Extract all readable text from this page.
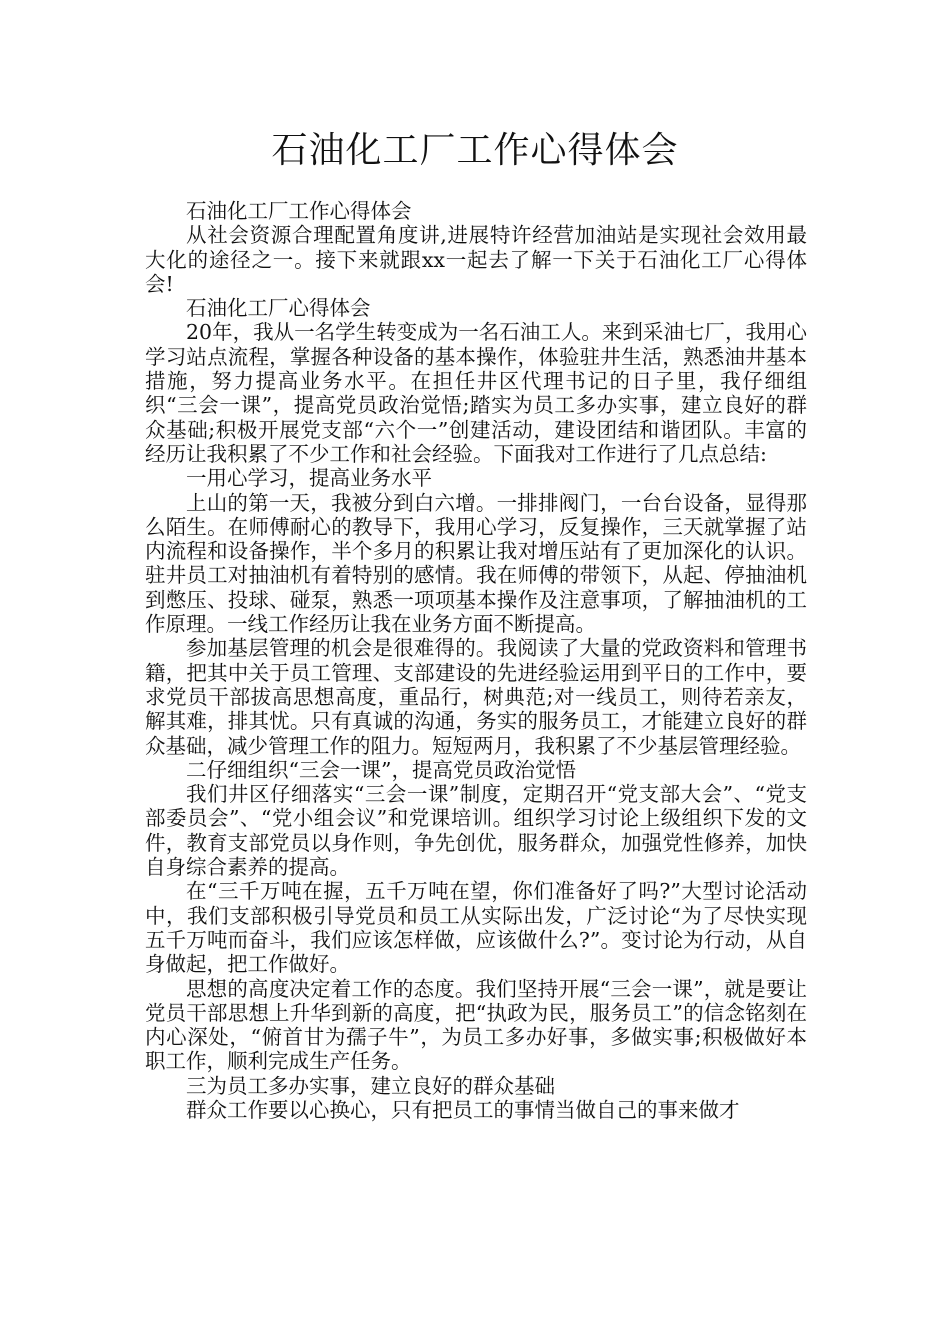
石油化工厂工作心得体会

石油化工厂工作心得体会

从社会资源合理配置角度讲,进展特许经营加油站是实现社会效用最大化的途径之一。接下来就跟xx一起去了解一下关于石油化工厂心得体会!

石油化工厂心得体会

20年，我从一名学生转变成为一名石油工人。来到采油七厂，我用心学习站点流程，掌握各种设备的基本操作，体验驻井生活，熟悉油井基本措施，努力提高业务水平。在担任井区代理书记的日子里，我仔细组织“三会一课”，提高党员政治觉悟;踏实为员工多办实事，建立良好的群众基础;积极开展党支部“六个一”创建活动，建设团结和谐团队。丰富的经历让我积累了不少工作和社会经验。下面我对工作进行了几点总结:

一用心学习，提高业务水平

上山的第一天，我被分到白六增。一排排阀门，一台台设备，显得那么陌生。在师傅耐心的教导下，我用心学习，反复操作，三天就掌握了站内流程和设备操作，半个多月的积累让我对增压站有了更加深化的认识。驻井员工对抽油机有着特别的感情。我在师傅的带领下，从起、停抽油机到憋压、投球、碰泵，熟悉一项项基本操作及注意事项，了解抽油机的工作原理。一线工作经历让我在业务方面不断提高。

参加基层管理的机会是很难得的。我阅读了大量的党政资料和管理书籍，把其中关于员工管理、支部建设的先进经验运用到平日的工作中，要求党员干部拔高思想高度，重品行，树典范;对一线员工，则待若亲友，解其难，排其忧。只有真诚的沟通，务实的服务员工，才能建立良好的群众基础，减少管理工作的阻力。短短两月，我积累了不少基层管理经验。

二仔细组织“三会一课”，提高党员政治觉悟

我们井区仔细落实“三会一课”制度，定期召开“党支部大会”、“党支部委员会”、“党小组会议”和党课培训。组织学习讨论上级组织下发的文件，教育支部党员以身作则，争先创优，服务群众，加强党性修养，加快自身综合素养的提高。

在“三千万吨在握，五千万吨在望，你们准备好了吗?”大型讨论活动中，我们支部积极引导党员和员工从实际出发，广泛讨论“为了尽快实现五千万吨而奋斗，我们应该怎样做，应该做什么?”。变讨论为行动，从自身做起，把工作做好。

思想的高度决定着工作的态度。我们坚持开展“三会一课”，就是要让党员干部思想上升华到新的高度，把“执政为民，服务员工”的信念铭刻在内心深处，“俯首甘为孺子牛”，为员工多办好事，多做实事;积极做好本职工作，顺利完成生产任务。

三为员工多办实事，建立良好的群众基础

群众工作要以心换心，只有把员工的事情当做自己的事来做才
